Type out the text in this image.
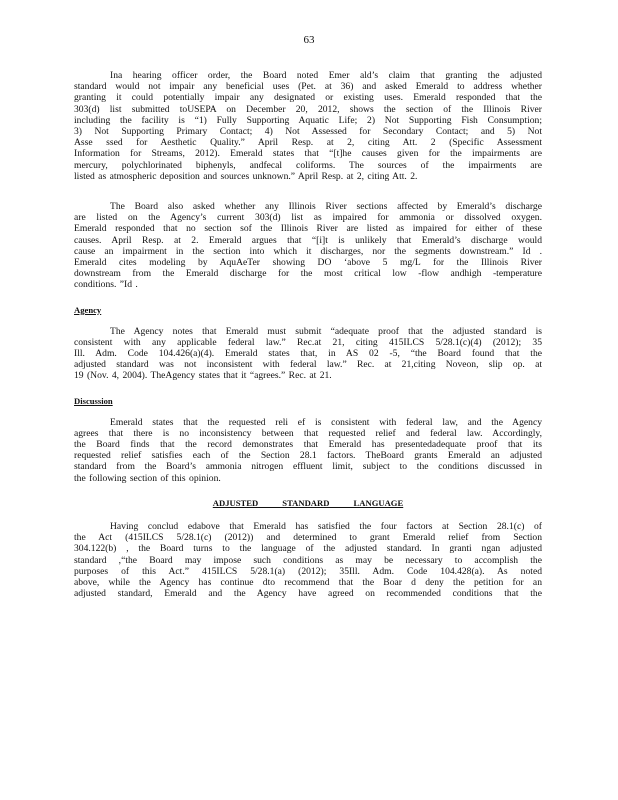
63

Ina hearing officer order, the Board noted Emer ald’s claim that granting the adjusted
standard would not impair any beneficial uses (Pet. at 36) and asked Emerald to address whether
granting it could potentially impair any designated or existing uses. Emerald responded that the
303(d) list submitted toUSEPA on December 20, 2012, shows the section of the Illinois River
including the facility is “1) Fully Supporting Aquatic Life; 2) Not Supporting Fish Consumption;
3) Not Supporting Primary Contact; 4) Not Assessed for Secondary Contact; and 5) Not
Asse ssed for Aesthetic Quality.” April Resp. at 2, citing Att. 2 (Specific Assessment
Information for Streams, 2012). Emerald states that “[t]he causes given for the impairments are
mercury, polychlorinated biphenyls, andfecal coliforms. The sources of the impairments are
listed as atmospheric deposition and sources unknown.” April Resp. at 2, citing Att. 2.

The Board also asked whether any Illinois River sections affected by Emerald’s discharge
are listed on the Agency’s current 303(d) list as impaired for ammonia or dissolved oxygen.
Emerald responded that no section sof the Illinois River are listed as impaired for either of these
causes. April Resp. at 2. Emerald argues that “[i]t is unlikely that Emerald’s discharge would
cause an impairment in the section into which it discharges, nor the segments downstream.” Id .
Emerald cites modeling by AquAeTer showing DO ‘above 5 mg/L for the Illinois River
downstream from the Emerald discharge for the most critical low -flow andhigh -temperature
conditions. ”Id .

Agency

The Agency notes that Emerald must submit “adequate proof that the adjusted standard is
consistent with any applicable federal law.” Rec.at 21, citing 415ILCS 5/28.1(c)(4) (2012); 35
Ill. Adm. Code 104.426(a)(4). Emerald states that, in AS 02 -5, “the Board found that the
adjusted standard was not inconsistent with federal law.” Rec. at 21,citing Noveon, slip op. at
19 (Nov. 4, 2004). TheAgency states that it “agrees.” Rec. at 21.

Discussion

Emerald states that the requested reli ef is consistent with federal law, and the Agency
agrees that there is no inconsistency between that requested relief and federal law. Accordingly,
the Board finds that the record demonstrates that Emerald has presentedadequate proof that its
requested relief satisfies each of the Section 28.1 factors. TheBoard grants Emerald an adjusted
standard from the Board’s ammonia nitrogen effluent limit, subject to the conditions discussed in
the following section of this opinion.

ADJUSTED STANDARD LANGUAGE

Having conclud edabove that Emerald has satisfied the four factors at Section 28.1(c) of
the Act (415ILCS 5/28.1(c) (2012)) and determined to grant Emerald relief from Section
304.122(b) , the Board turns to the language of the adjusted standard. In granti ngan adjusted
standard ,“the Board may impose such conditions as may be necessary to accomplish the
purposes of this Act.” 415ILCS 5/28.1(a) (2012); 35Ill. Adm. Code 104.428(a). As noted
above, while the Agency has continue dto recommend that the Boar d deny the petition for an
adjusted standard, Emerald and the Agency have agreed on recommended conditions that the
